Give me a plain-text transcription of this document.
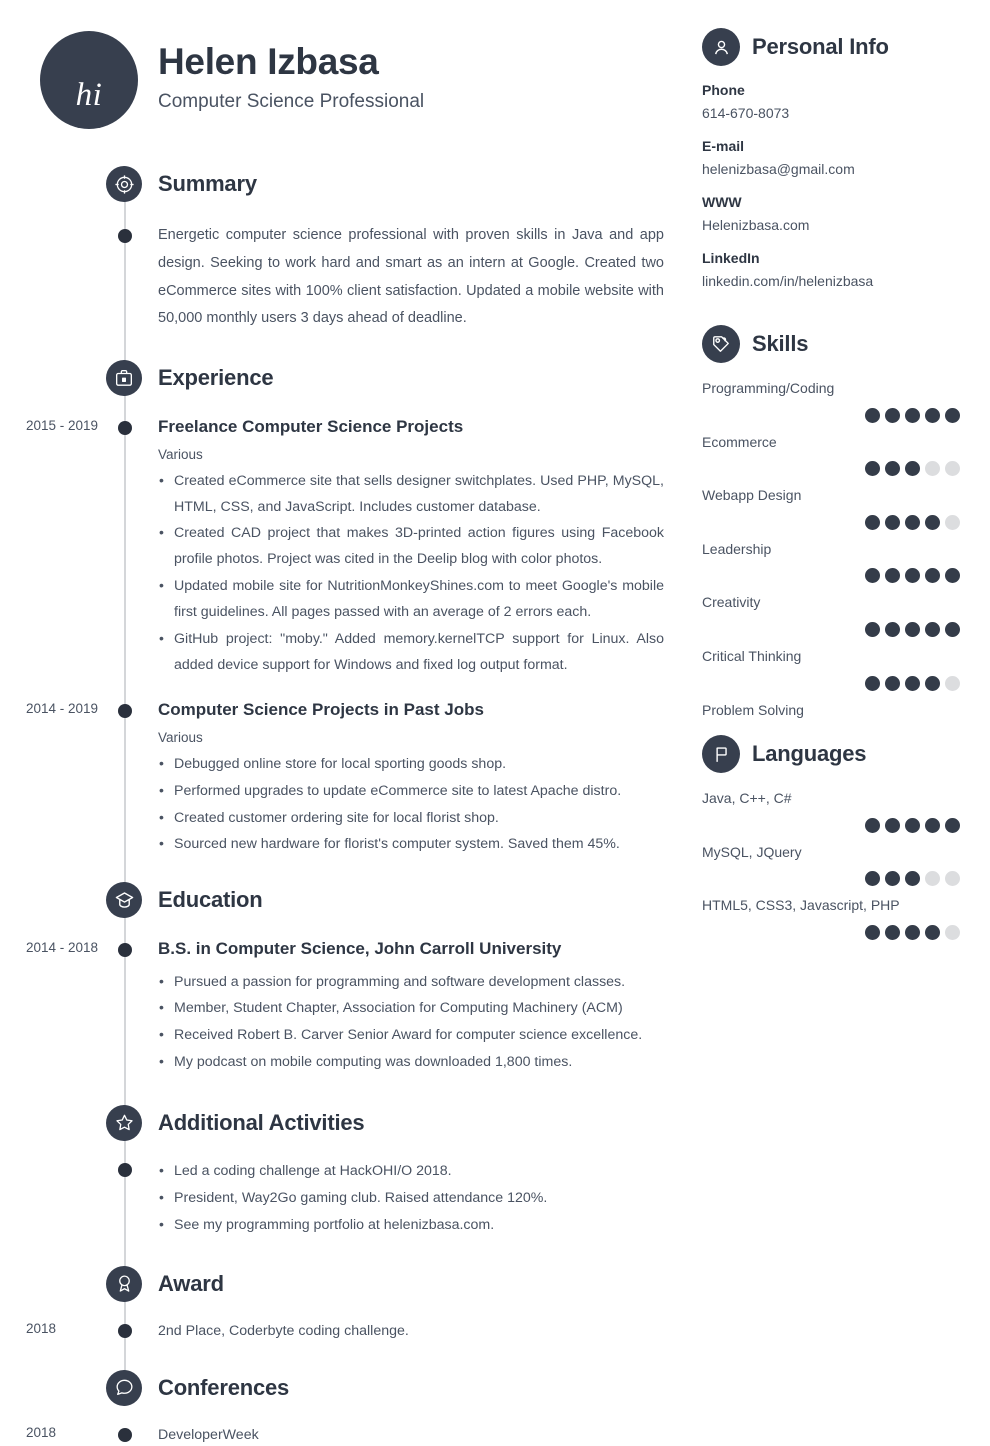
hi
Helen Izbasa
Computer Science Professional
Summary
Energetic computer science professional with proven skills in Java and app design. Seeking to work hard and smart as an intern at Google. Created two eCommerce sites with 100% client satisfaction. Updated a mobile website with 50,000 monthly users 3 days ahead of deadline.
Experience
2015 - 2019	Freelance Computer Science Projects
Various
• Created eCommerce site that sells designer switchplates. Used PHP, MySQL, HTML, CSS, and JavaScript. Includes customer database.
• Created CAD project that makes 3D-printed action figures using Facebook profile photos. Project was cited in the Deelip blog with color photos.
• Updated mobile site for NutritionMonkeyShines.com to meet Google's mobile first guidelines. All pages passed with an average of 2 errors each.
• GitHub project: "moby." Added memory.kernelTCP support for Linux. Also added device support for Windows and fixed log output format.
2014 - 2019	Computer Science Projects in Past Jobs
Various
• Debugged online store for local sporting goods shop.
• Performed upgrades to update eCommerce site to latest Apache distro.
• Created customer ordering site for local florist shop.
• Sourced new hardware for florist's computer system. Saved them 45%.
Education
2014 - 2018	B.S. in Computer Science, John Carroll University
• Pursued a passion for programming and software development classes.
• Member, Student Chapter, Association for Computing Machinery (ACM)
• Received Robert B. Carver Senior Award for computer science excellence.
• My podcast on mobile computing was downloaded 1,800 times.
Additional Activities
• Led a coding challenge at HackOHI/O 2018.
• President, Way2Go gaming club. Raised attendance 120%.
• See my programming portfolio at helenizbasa.com.
Award
2018	2nd Place, Coderbyte coding challenge.
Conferences
2018	DeveloperWeek
Personal Info
Phone
614-670-8073
E-mail
helenizbasa@gmail.com
WWW
Helenizbasa.com
LinkedIn
linkedin.com/in/helenizbasa
Skills
Programming/Coding
Ecommerce
Webapp Design
Leadership
Creativity
Critical Thinking
Problem Solving
Languages
Java, C++, C#
MySQL, JQuery
HTML5, CSS3, Javascript, PHP
